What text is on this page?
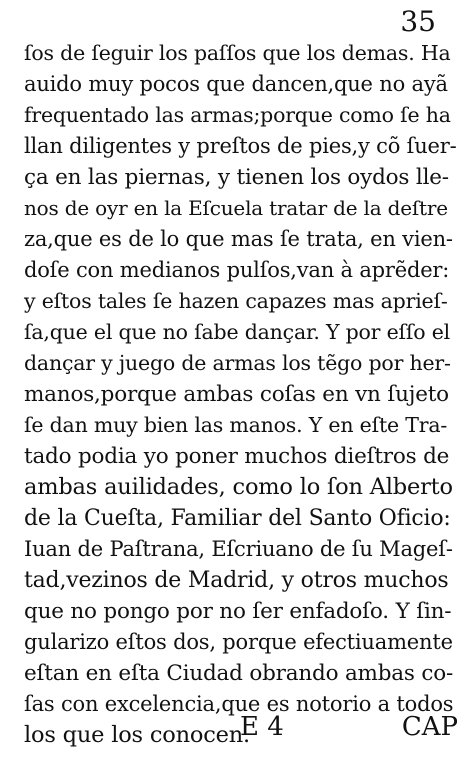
35
ſos de ſeguir los paſſos que los demas. Ha
auido muy pocos que dancen,que no ayã
frequentado las armas;porque como ſe ha
llan diligentes y preſtos de pies,y cõ ſuer-
ça en las piernas, y tienen los oydos lle-
nos de oyr en la Eſcuela tratar de la deſtre
za,que es de lo que mas ſe trata, en vien-
doſe con medianos pulſos,van à aprẽder:
y eſtos tales ſe hazen capazes mas aprieſ-
ſa,que el que no ſabe dançar. Y por eſſo el
dançar y juego de armas los tẽgo por her-
manos,porque ambas coſas en vn ſujeto
ſe dan muy bien las manos. Y en eſte Tra-
tado podia yo poner muchos dieſtros de
ambas auilidades, como lo ſon Alberto
de la Cueſta, Familiar del Santo Oficio:
Iuan de Paſtrana, Eſcriuano de ſu Mageſ-
tad,vezinos de Madrid, y otros muchos
que no pongo por no ſer enfadoſo. Y ſin-
gularizo eſtos dos, porque efectiuamente
eſtan en eſta Ciudad obrando ambas co-
ſas con excelencia,que es notorio a todos
los que los conocen.
E 4	CAP
